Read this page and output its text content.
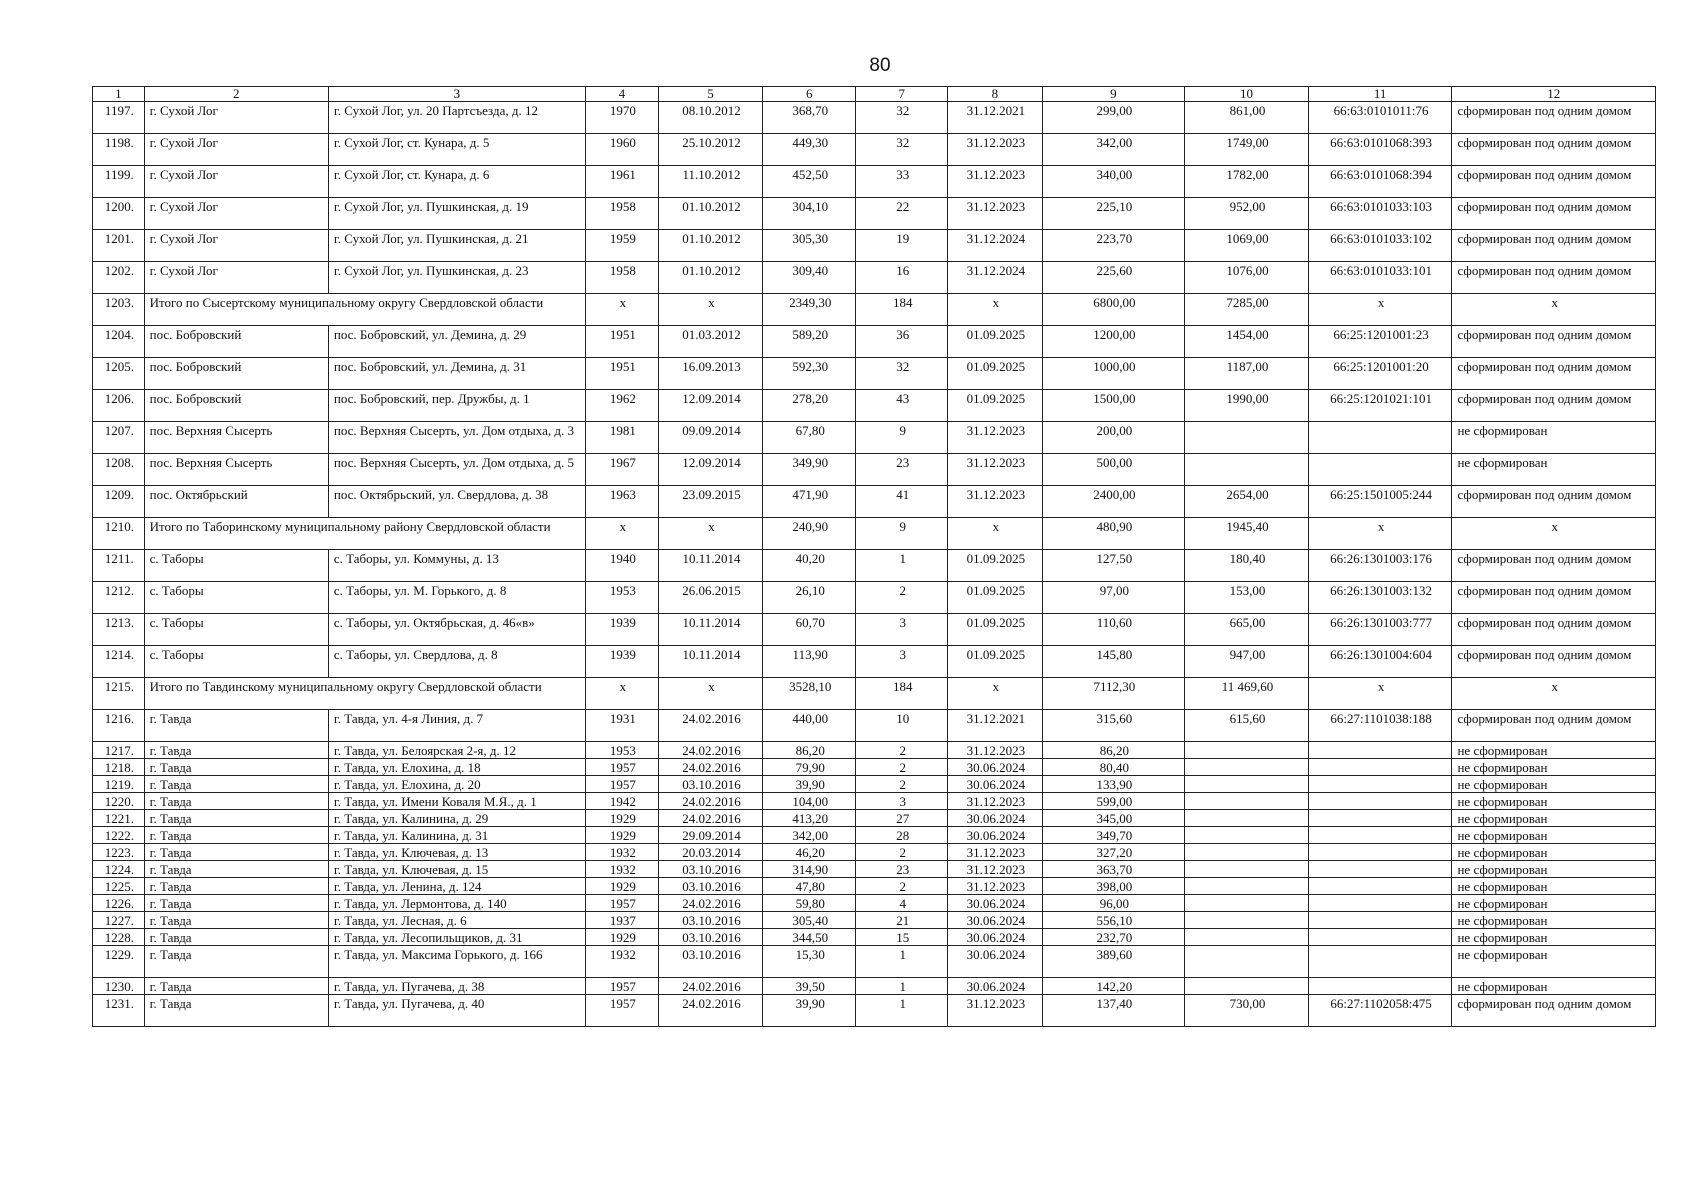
80
1	2	3	4	5	6	7	8	9	10	11	12
1197.	г. Сухой Лог	г. Сухой Лог, ул. 20 Партсъезда, д. 12	1970	08.10.2012	368,70	32	31.12.2021	299,00	861,00	66:63:0101011:76	сформирован под одним домом
1198.	г. Сухой Лог	г. Сухой Лог, ст. Кунара, д. 5	1960	25.10.2012	449,30	32	31.12.2023	342,00	1749,00	66:63:0101068:393	сформирован под одним домом
1199.	г. Сухой Лог	г. Сухой Лог, ст. Кунара, д. 6	1961	11.10.2012	452,50	33	31.12.2023	340,00	1782,00	66:63:0101068:394	сформирован под одним домом
1200.	г. Сухой Лог	г. Сухой Лог, ул. Пушкинская, д. 19	1958	01.10.2012	304,10	22	31.12.2023	225,10	952,00	66:63:0101033:103	сформирован под одним домом
1201.	г. Сухой Лог	г. Сухой Лог, ул. Пушкинская, д. 21	1959	01.10.2012	305,30	19	31.12.2024	223,70	1069,00	66:63:0101033:102	сформирован под одним домом
1202.	г. Сухой Лог	г. Сухой Лог, ул. Пушкинская, д. 23	1958	01.10.2012	309,40	16	31.12.2024	225,60	1076,00	66:63:0101033:101	сформирован под одним домом
1203.	Итого по Сысертскому муниципальному округу Свердловской области		х	х	2349,30	184	х	6800,00	7285,00	х	х
1204.	пос. Бобровский	пос. Бобровский, ул. Демина, д. 29	1951	01.03.2012	589,20	36	01.09.2025	1200,00	1454,00	66:25:1201001:23	сформирован под одним домом
1205.	пос. Бобровский	пос. Бобровский, ул. Демина, д. 31	1951	16.09.2013	592,30	32	01.09.2025	1000,00	1187,00	66:25:1201001:20	сформирован под одним домом
1206.	пос. Бобровский	пос. Бобровский, пер. Дружбы, д. 1	1962	12.09.2014	278,20	43	01.09.2025	1500,00	1990,00	66:25:1201021:101	сформирован под одним домом
1207.	пос. Верхняя Сысерть	пос. Верхняя Сысерть, ул. Дом отдыха, д. 3	1981	09.09.2014	67,80	9	31.12.2023	200,00			не сформирован
1208.	пос. Верхняя Сысерть	пос. Верхняя Сысерть, ул. Дом отдыха, д. 5	1967	12.09.2014	349,90	23	31.12.2023	500,00			не сформирован
1209.	пос. Октябрьский	пос. Октябрьский, ул. Свердлова, д. 38	1963	23.09.2015	471,90	41	31.12.2023	2400,00	2654,00	66:25:1501005:244	сформирован под одним домом
1210.	Итого по Таборинскому муниципальному району Свердловской области		х	х	240,90	9	х	480,90	1945,40	х	х
1211.	с. Таборы	с. Таборы, ул. Коммуны, д. 13	1940	10.11.2014	40,20	1	01.09.2025	127,50	180,40	66:26:1301003:176	сформирован под одним домом
1212.	с. Таборы	с. Таборы, ул. М. Горького, д. 8	1953	26.06.2015	26,10	2	01.09.2025	97,00	153,00	66:26:1301003:132	сформирован под одним домом
1213.	с. Таборы	с. Таборы, ул. Октябрьская, д. 46«в»	1939	10.11.2014	60,70	3	01.09.2025	110,60	665,00	66:26:1301003:777	сформирован под одним домом
1214.	с. Таборы	с. Таборы, ул. Свердлова, д. 8	1939	10.11.2014	113,90	3	01.09.2025	145,80	947,00	66:26:1301004:604	сформирован под одним домом
1215.	Итого по Тавдинскому муниципальному округу Свердловской области		х	х	3528,10	184	х	7112,30	11 469,60	х	х
1216.	г. Тавда	г. Тавда, ул. 4-я Линия, д. 7	1931	24.02.2016	440,00	10	31.12.2021	315,60	615,60	66:27:1101038:188	сформирован под одним домом
1217.	г. Тавда	г. Тавда, ул. Белоярская 2-я, д. 12	1953	24.02.2016	86,20	2	31.12.2023	86,20			не сформирован
1218.	г. Тавда	г. Тавда, ул. Елохина, д. 18	1957	24.02.2016	79,90	2	30.06.2024	80,40			не сформирован
1219.	г. Тавда	г. Тавда, ул. Елохина, д. 20	1957	03.10.2016	39,90	2	30.06.2024	133,90			не сформирован
1220.	г. Тавда	г. Тавда, ул. Имени Коваля М.Я., д. 1	1942	24.02.2016	104,00	3	31.12.2023	599,00			не сформирован
1221.	г. Тавда	г. Тавда, ул. Калинина, д. 29	1929	24.02.2016	413,20	27	30.06.2024	345,00			не сформирован
1222.	г. Тавда	г. Тавда, ул. Калинина, д. 31	1929	29.09.2014	342,00	28	30.06.2024	349,70			не сформирован
1223.	г. Тавда	г. Тавда, ул. Ключевая, д. 13	1932	20.03.2014	46,20	2	31.12.2023	327,20			не сформирован
1224.	г. Тавда	г. Тавда, ул. Ключевая, д. 15	1932	03.10.2016	314,90	23	31.12.2023	363,70			не сформирован
1225.	г. Тавда	г. Тавда, ул. Ленина, д. 124	1929	03.10.2016	47,80	2	31.12.2023	398,00			не сформирован
1226.	г. Тавда	г. Тавда, ул. Лермонтова, д. 140	1957	24.02.2016	59,80	4	30.06.2024	96,00			не сформирован
1227.	г. Тавда	г. Тавда, ул. Лесная, д. 6	1937	03.10.2016	305,40	21	30.06.2024	556,10			не сформирован
1228.	г. Тавда	г. Тавда, ул. Лесопильщиков, д. 31	1929	03.10.2016	344,50	15	30.06.2024	232,70			не сформирован
1229.	г. Тавда	г. Тавда, ул. Максима Горького, д. 166	1932	03.10.2016	15,30	1	30.06.2024	389,60			не сформирован
1230.	г. Тавда	г. Тавда, ул. Пугачева, д. 38	1957	24.02.2016	39,50	1	30.06.2024	142,20			не сформирован
1231.	г. Тавда	г. Тавда, ул. Пугачева, д. 40	1957	24.02.2016	39,90	1	31.12.2023	137,40	730,00	66:27:1102058:475	сформирован под одним домом
